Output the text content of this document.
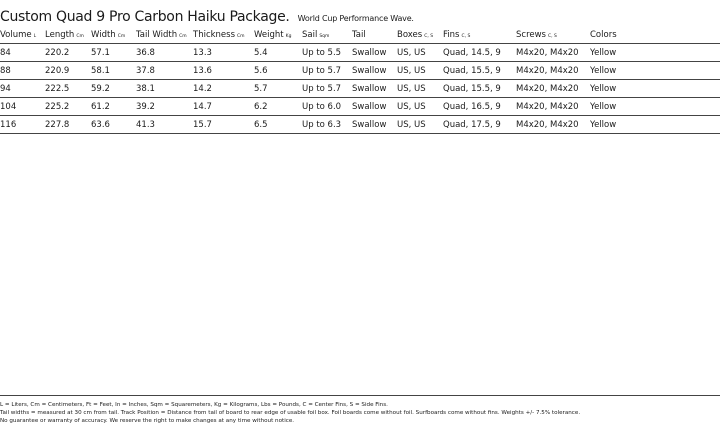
Custom Quad 9 Pro Carbon Haiku Package. World Cup Performance Wave.
Volume L	Length Cm	Width Cm	Tail Width Cm	Thickness Cm	Weight Kg	Sail Sqm	Tail	Boxes C, S	Fins C, S	Screws C, S	Colors
84	220.2	57.1	36.8	13.3	5.4	Up to 5.5	Swallow	US, US	Quad, 14.5, 9	M4x20, M4x20	Yellow
88	220.9	58.1	37.8	13.6	5.6	Up to 5.7	Swallow	US, US	Quad, 15.5, 9	M4x20, M4x20	Yellow
94	222.5	59.2	38.1	14.2	5.7	Up to 5.7	Swallow	US, US	Quad, 15.5, 9	M4x20, M4x20	Yellow
104	225.2	61.2	39.2	14.7	6.2	Up to 6.0	Swallow	US, US	Quad, 16.5, 9	M4x20, M4x20	Yellow
116	227.8	63.6	41.3	15.7	6.5	Up to 6.3	Swallow	US, US	Quad, 17.5, 9	M4x20, M4x20	Yellow
L = Liters, Cm = Centimeters, Ft = Feet, In = Inches, Sqm = Squaremeters, Kg = Kilograms, Lbs = Pounds, C = Center Fins, S = Side Fins.
Tail widths = measured at 30 cm from tail. Track Position = Distance from tail of board to rear edge of usable foil box. Foil boards come without foil. Surfboards come without fins. Weights +/- 7.5% tolerance.
No guarantee or warranty of accuracy. We reserve the right to make changes at any time without notice.
